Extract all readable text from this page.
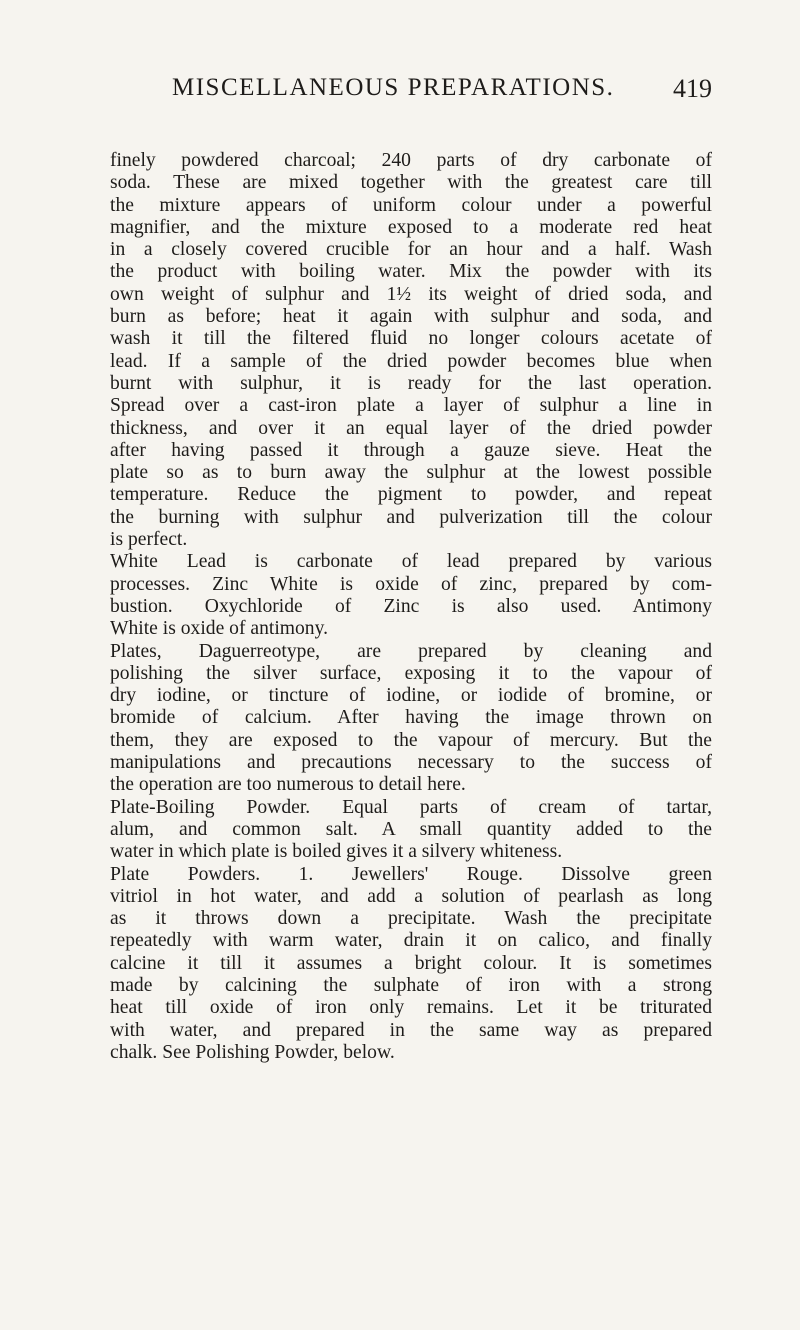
MISCELLANEOUS PREPARATIONS. 419
finely powdered charcoal; 240 parts of dry carbonate of
soda. These are mixed together with the greatest care till
the mixture appears of uniform colour under a powerful
magnifier, and the mixture exposed to a moderate red heat
in a closely covered crucible for an hour and a half. Wash
the product with boiling water. Mix the powder with its
own weight of sulphur and 1½ its weight of dried soda, and
burn as before; heat it again with sulphur and soda, and
wash it till the filtered fluid no longer colours acetate of
lead. If a sample of the dried powder becomes blue when
burnt with sulphur, it is ready for the last operation.
Spread over a cast-iron plate a layer of sulphur a line in
thickness, and over it an equal layer of the dried powder
after having passed it through a gauze sieve. Heat the
plate so as to burn away the sulphur at the lowest possible
temperature. Reduce the pigment to powder, and repeat
the burning with sulphur and pulverization till the colour
is perfect.
White Lead is carbonate of lead prepared by various
processes. Zinc White is oxide of zinc, prepared by com-
bustion. Oxychloride of Zinc is also used. Antimony
White is oxide of antimony.
Plates, Daguerreotype, are prepared by cleaning and
polishing the silver surface, exposing it to the vapour of
dry iodine, or tincture of iodine, or iodide of bromine, or
bromide of calcium. After having the image thrown on
them, they are exposed to the vapour of mercury. But the
manipulations and precautions necessary to the success of
the operation are too numerous to detail here.
Plate-Boiling Powder. Equal parts of cream of tartar,
alum, and common salt. A small quantity added to the
water in which plate is boiled gives it a silvery whiteness.
Plate Powders. 1. Jewellers' Rouge. Dissolve green
vitriol in hot water, and add a solution of pearlash as long
as it throws down a precipitate. Wash the precipitate
repeatedly with warm water, drain it on calico, and finally
calcine it till it assumes a bright colour. It is sometimes
made by calcining the sulphate of iron with a strong
heat till oxide of iron only remains. Let it be triturated
with water, and prepared in the same way as prepared
chalk. See Polishing Powder, below.
